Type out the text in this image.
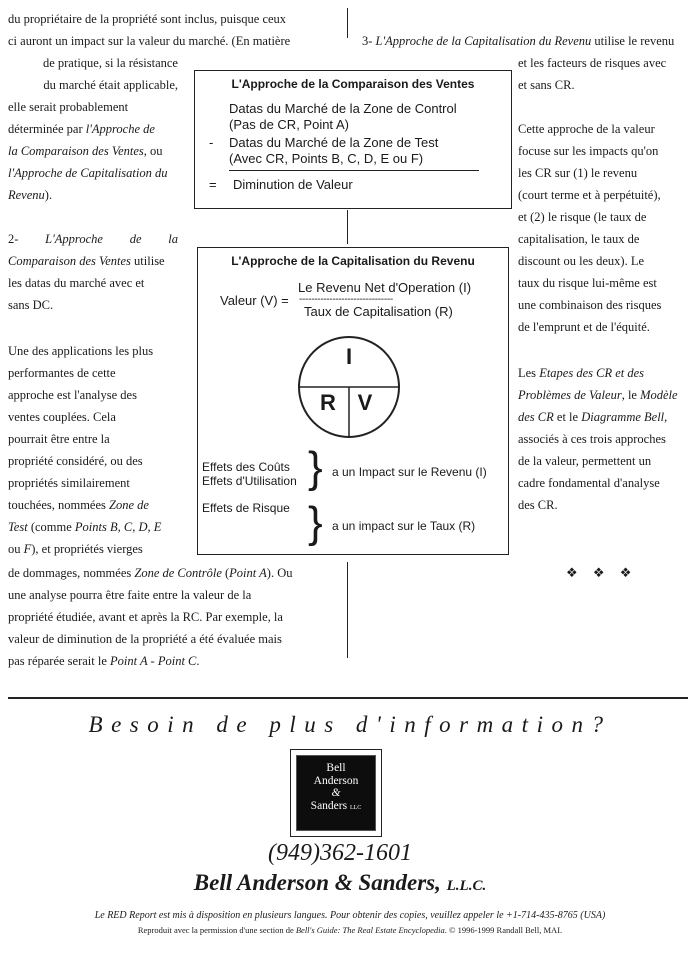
du propriétaire de la propriété sont inclus, puisque ceux
ci auront un impact sur la valeur du marché. (En matière
de pratique, si la résistance
du marché était applicable,
elle serait probablement
déterminée par l'Approche de
la Comparaison des Ventes, ou
l'Approche de Capitalisation du
Revenu).
2- L'Approche de la
Comparaison des Ventes utilise
les datas du marché avec et
sans DC.
Une des applications les plus
performantes de cette
approche est l'analyse des
ventes couplées. Cela
pourrait être entre la
propriété considéré, ou des
propriétés similairement
touchées, nommées Zone de
Test (comme Points B, C, D, E
ou F), et propriétés vierges
de dommages, nommées Zone de Contrôle (Point A). Ou
une analyse pourra être faite entre la valeur de la
propriété étudiée, avant et après la RC. Par exemple, la
valeur de diminution de la propriété a été évaluée mais
pas réparée serait le Point A - Point C.
3- L'Approche de la Capitalisation du Revenu utilise le revenu
et les facteurs de risques avec
et sans CR.
Cette approche de la valeur
focuse sur les impacts qu'on
les CR sur (1) le revenu
(court terme et à perpétuité),
et (2) le risque (le taux de
capitalisation, le taux de
discount ou les deux). Le
taux du risque lui-même est
une combinaison des risques
de l'emprunt et de l'équité.
Les Etapes des CR et des
Problèmes de Valeur, le Modèle
des CR et le Diagramme Bell,
associés à ces trois approches
de la valeur, permettent un
cadre fondamental d'analyse
des CR.
❖ ❖ ❖
L'Approche de la Comparaison des Ventes
Datas du Marché de la Zone de Control
(Pas de CR, Point A)
- Datas du Marché de la Zone de Test
(Avec CR, Points B, C, D, E ou F)
= Diminution de Valeur
L'Approche de la Capitalisation du Revenu
Valeur (V) =
Le Revenu Net d'Operation (I)
-------------------------------
Taux de Capitalisation (R)
I
R V
Effets des Coûts
Effets d'Utilisation } a un Impact sur le Revenu (I)
Effets de Risque } a un impact sur le Taux (R)
Besoin de plus d'information?
Bell
Anderson
&
Sanders LLC
(949)362-1601
Bell Anderson & Sanders, L.L.C.
Le RED Report est mis à disposition en plusieurs langues. Pour obtenir des copies, veuillez appeler le +1-714-435-8765 (USA)
Reproduit avec la permission d'une section de Bell's Guide: The Real Estate Encyclopedia. © 1996-1999 Randall Bell, MAI.
